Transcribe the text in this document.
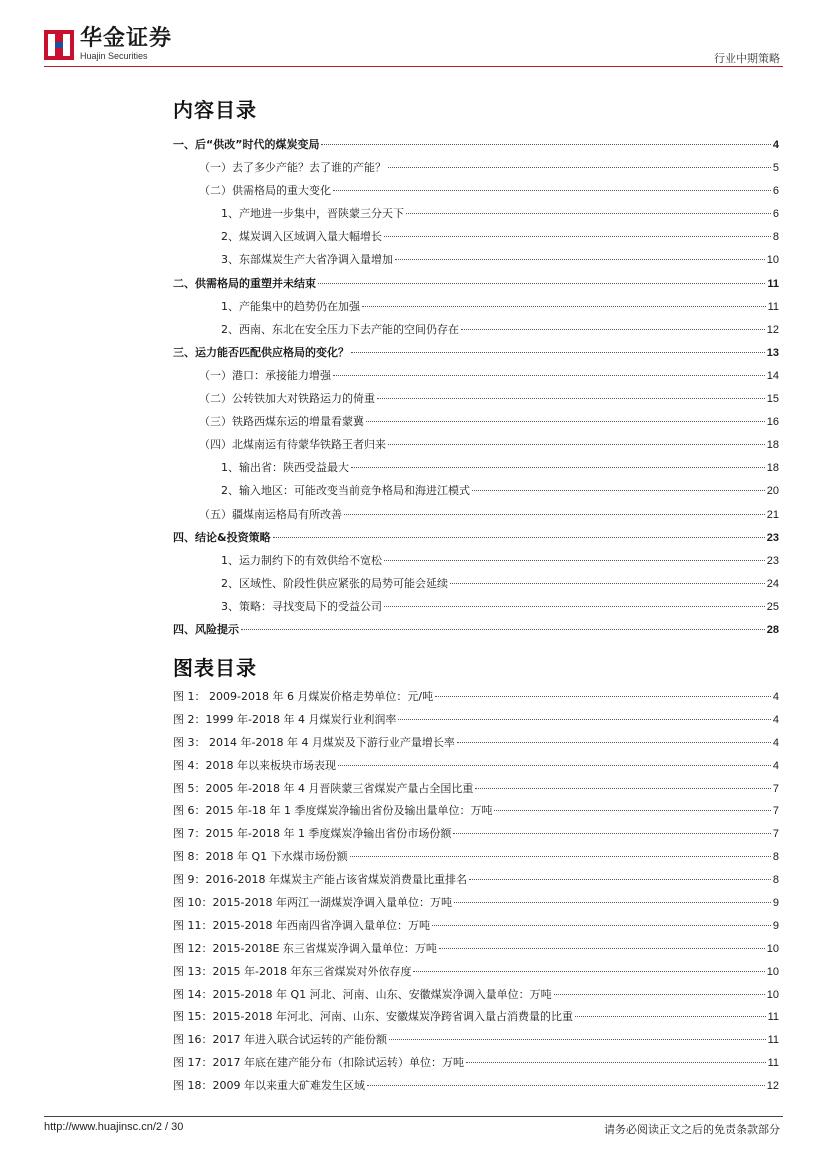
华金证券
Huajin Securities	行业中期策略
内容目录
一、后“供改”时代的煤炭变局	4
（一）去了多少产能？去了谁的产能？	5
（二）供需格局的重大变化	6
1、产地进一步集中，晋陕蒙三分天下	6
2、煤炭调入区域调入量大幅增长	8
3、东部煤炭生产大省净调入量增加	10
二、供需格局的重塑并未结束	11
1、产能集中的趋势仍在加强	11
2、西南、东北在安全压力下去产能的空间仍存在	12
三、运力能否匹配供应格局的变化？	13
（一）港口：承接能力增强	14
（二）公转铁加大对铁路运力的倚重	15
（三）铁路西煤东运的增量看蒙冀	16
（四）北煤南运有待蒙华铁路王者归来	18
1、输出省：陕西受益最大	18
2、输入地区：可能改变当前竞争格局和海进江模式	20
（五）疆煤南运格局有所改善	21
四、结论&投资策略	23
1、运力制约下的有效供给不宽松	23
2、区域性、阶段性供应紧张的局势可能会延续	24
3、策略：寻找变局下的受益公司	25
四、风险提示	28
图表目录
图 1： 2009-2018 年 6 月煤炭价格走势单位：元/吨	4
图 2：1999 年-2018 年 4 月煤炭行业利润率	4
图 3： 2014 年-2018 年 4 月煤炭及下游行业产量增长率	4
图 4：2018 年以来板块市场表现	4
图 5：2005 年-2018 年 4 月晋陕蒙三省煤炭产量占全国比重	7
图 6：2015 年-18 年 1 季度煤炭净输出省份及输出量单位：万吨	7
图 7：2015 年-2018 年 1 季度煤炭净输出省份市场份额	7
图 8：2018 年 Q1 下水煤市场份额	8
图 9：2016-2018 年煤炭主产能占该省煤炭消费量比重排名	8
图 10：2015-2018 年两江一湖煤炭净调入量单位：万吨	9
图 11：2015-2018 年西南四省净调入量单位：万吨	9
图 12：2015-2018E 东三省煤炭净调入量单位：万吨	10
图 13：2015 年-2018 年东三省煤炭对外依存度	10
图 14：2015-2018 年 Q1 河北、河南、山东、安徽煤炭净调入量单位：万吨	10
图 15：2015-2018 年河北、河南、山东、安徽煤炭净跨省调入量占消费量的比重	11
图 16：2017 年进入联合试运转的产能份额	11
图 17：2017 年底在建产能分布（扣除试运转）单位：万吨	11
图 18：2009 年以来重大矿难发生区域	12
http://www.huajinsc.cn/2 / 30	请务必阅读正文之后的免责条款部分
